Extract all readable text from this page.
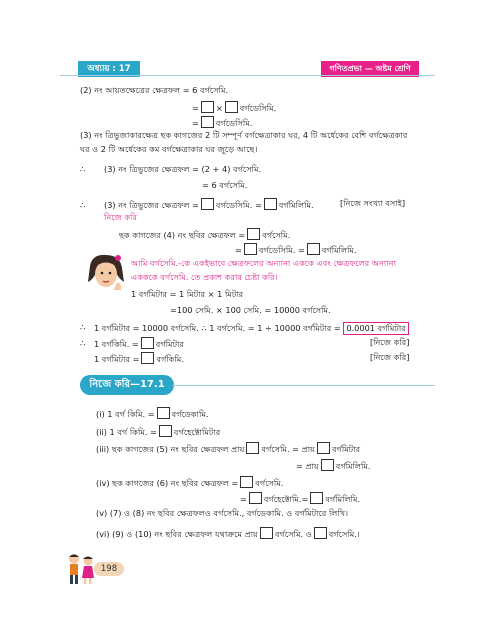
অধ্যায় : 17	গণিতপ্রভা — অষ্টম শ্রেণি
(2) নং আয়তক্ষেত্রের ক্ষেত্রফল = 6 বর্গসেমি.
= × বর্গডেসিমি.
= বর্গডেসিমি.
(3) নং ত্রিভুজাকারক্ষেত্র ছক কাগজের 2 টি সম্পূর্ণ বর্গক্ষেত্রাকার ঘর, 4 টি অর্ধেকের বেশি বর্গক্ষেত্রকার
ঘর ও 2 টি অর্ধেকের কম বর্গক্ষেত্রাকার ঘর জুড়ে আছে।
∴ (3) নং ত্রিভুজের ক্ষেত্রফল = (2 + 4) বর্গসেমি.
= 6 বর্গসেমি.
∴ (3) নং ত্রিভুজের ক্ষেত্রফল = বর্গডেসিমি. = বর্গমিলিমি.	[নিজে সংখ্যা বসাই]
নিজে করি
ছক কাগজের (4) নং ছবির ক্ষেত্রফল = বর্গসেমি.
= বর্গডেসিমি. = বর্গমিলিমি.
আমি বর্গসেমি.-কে একইভাবে ক্ষেত্রফলের অন্যান্য এককে এবং ক্ষেত্রফলের অন্যান্য
একককে বর্গসেমি. তে প্রকাশ করার চেষ্টা করি।
1 বর্গমিটার = 1 মিটার × 1 মিটার
=100 সেমি. × 100 সেমি. = 10000 বর্গসেমি.
∴ 1 বর্গমিটার = 10000 বর্গসেমি. ∴ 1 বর্গসেমি. = 1 ÷ 10000 বর্গমিটার = 0.0001 বর্গমিটার
∴ 1 বর্গকিমি. = বর্গমিটার	[নিজে করি]
1 বর্গমিটার = বর্গকিমি.	[নিজে করি]
নিজে করি—17.1
(i) 1 বর্গ কিমি. = বর্গডেকামি.
(ii) 1 বর্গ কিমি. = বর্গহেক্টোমিটার
(iii) ছক কাগজের (5) নং ছবির ক্ষেত্রফল প্রায় বর্গসেমি. = প্রায় বর্গমিটার
= প্রায় বর্গমিলিমি.
(iv) ছক কাগজের (6) নং ছবির ক্ষেত্রফল = বর্গসেমি.
= বর্গহেক্টোমি.= বর্গমিলিমি.
(v) (7) ও (8) নং ছবির ক্ষেত্রফলও বর্গসেমি., বর্গডেকামি. ও বর্গমিটারে লিখি।
(vi) (9) ও (10) নং ছবির ক্ষেত্রফল যথাক্রমে প্রায় বর্গসেমি. ও বর্গসেমি.।
198
